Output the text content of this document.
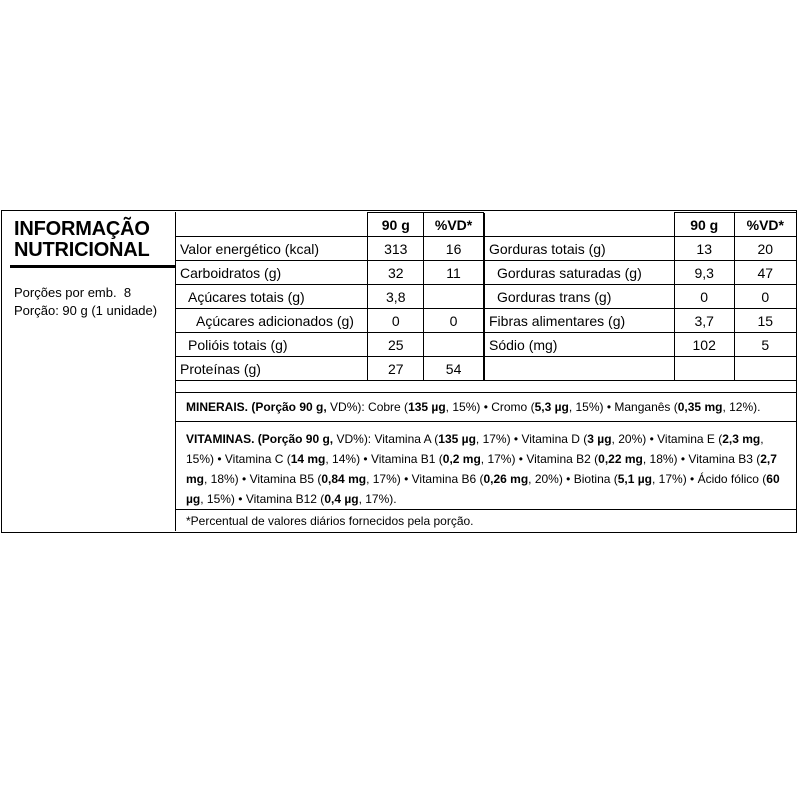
INFORMAÇÃO
NUTRICIONAL
Porções por emb.  8
Porção: 90 g (1 unidade)
	90 g	%VD*
Valor energético (kcal)	313	16
Carboidratos (g)	32	11
Açúcares totais (g)	3,8	
Açúcares adicionados (g)	0	0
Polióis totais (g)	25	
Proteínas (g)	27	54
	90 g	%VD*
Gorduras totais (g)	13	20
Gorduras saturadas (g)	9,3	47
Gorduras trans (g)	0	0
Fibras alimentares (g)	3,7	15
Sódio (mg)	102	5

MINERAIS. (Porção 90 g, VD%): Cobre (135 µg, 15%) • Cromo (5,3 µg, 15%) • Manganês (0,35 mg, 12%).
VITAMINAS. (Porção 90 g, VD%): Vitamina A (135 µg, 17%) • Vitamina D (3 µg, 20%) • Vitamina E (2,3 mg, 15%) • Vitamina C (14 mg, 14%) • Vitamina B1 (0,2 mg, 17%) • Vitamina B2 (0,22 mg, 18%) • Vitamina B3 (2,7 mg, 18%) • Vitamina B5 (0,84 mg, 17%) • Vitamina B6 (0,26 mg, 20%) • Biotina (5,1 µg, 17%) • Ácido fólico (60 µg, 15%) • Vitamina B12 (0,4 µg, 17%).
*Percentual de valores diários fornecidos pela porção.
